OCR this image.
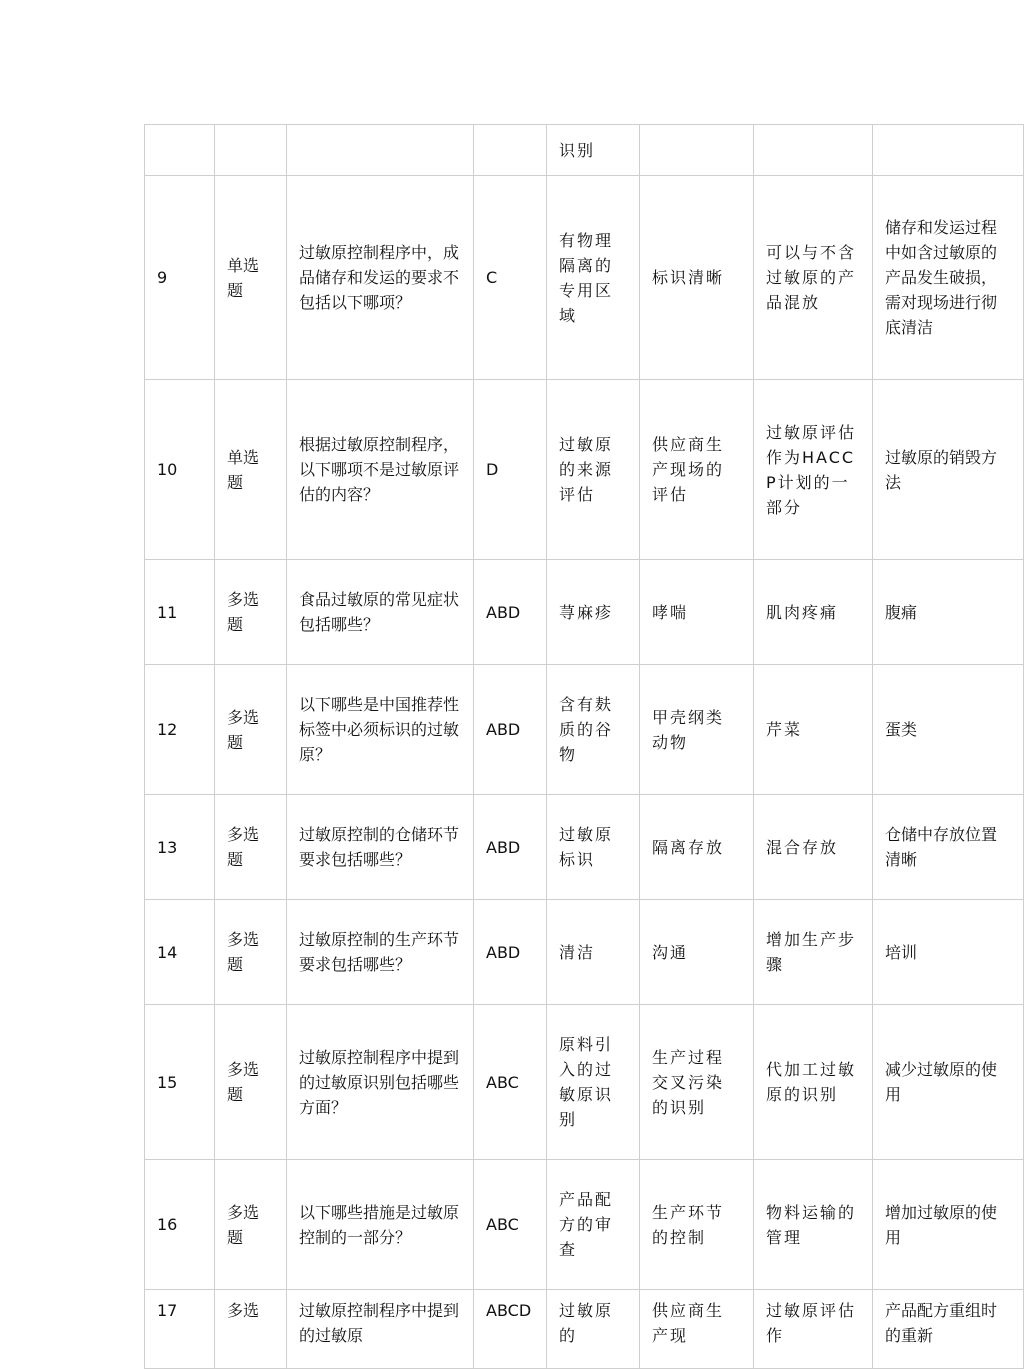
				识别			
9	单选题	过敏原控制程序中，成品储存和发运的要求不包括以下哪项？	C	有物理隔离的专用区域	标识清晰	可以与不含过敏原的产品混放	储存和发运过程中如含过敏原的产品发生破损，需对现场进行彻底清洁
10	单选题	根据过敏原控制程序，以下哪项不是过敏原评估的内容？	D	过敏原的来源评估	供应商生产现场的评估	过敏原评估作为HACCP计划的一部分	过敏原的销毁方法
11	多选题	食品过敏原的常见症状包括哪些？	ABD	荨麻疹	哮喘	肌肉疼痛	腹痛
12	多选题	以下哪些是中国推荐性标签中必须标识的过敏原？	ABD	含有麸质的谷物	甲壳纲类动物	芹菜	蛋类
13	多选题	过敏原控制的仓储环节要求包括哪些？	ABD	过敏原标识	隔离存放	混合存放	仓储中存放位置清晰
14	多选题	过敏原控制的生产环节要求包括哪些？	ABD	清洁	沟通	增加生产步骤	培训
15	多选题	过敏原控制程序中提到的过敏原识别包括哪些方面？	ABC	原料引入的过敏原识别	生产过程交叉污染的识别	代加工过敏原的识别	减少过敏原的使用
16	多选题	以下哪些措施是过敏原控制的一部分？	ABC	产品配方的审查	生产环节的控制	物料运输的管理	增加过敏原的使用
17	多选	过敏原控制程序中提到的过敏原	ABCD	过敏原的	供应商生产现	过敏原评估作	产品配方重组时的重新
